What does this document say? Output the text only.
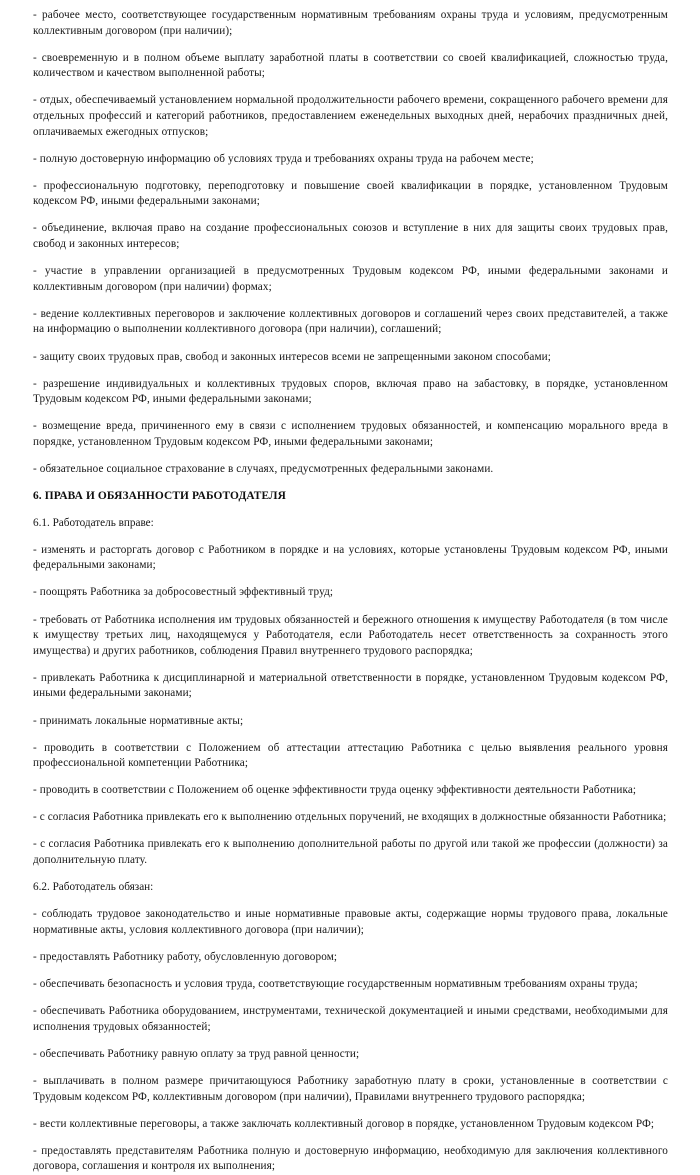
- рабочее место, соответствующее государственным нормативным требованиям охраны труда и условиям, предусмотренным коллективным договором (при наличии);

- своевременную и в полном объеме выплату заработной платы в соответствии со своей квалификацией, сложностью труда, количеством и качеством выполненной работы;

- отдых, обеспечиваемый установлением нормальной продолжительности рабочего времени, сокращенного рабочего времени для отдельных профессий и категорий работников, предоставлением еженедельных выходных дней, нерабочих праздничных дней, оплачиваемых ежегодных отпусков;

- полную достоверную информацию об условиях труда и требованиях охраны труда на рабочем месте;

- профессиональную подготовку, переподготовку и повышение своей квалификации в порядке, установленном Трудовым кодексом РФ, иными федеральными законами;

- объединение, включая право на создание профессиональных союзов и вступление в них для защиты своих трудовых прав, свобод и законных интересов;

- участие в управлении организацией в предусмотренных Трудовым кодексом РФ, иными федеральными законами и коллективным договором (при наличии) формах;

- ведение коллективных переговоров и заключение коллективных договоров и соглашений через своих представителей, а также на информацию о выполнении коллективного договора (при наличии), соглашений;

- защиту своих трудовых прав, свобод и законных интересов всеми не запрещенными законом способами;

- разрешение индивидуальных и коллективных трудовых споров, включая право на забастовку, в порядке, установленном Трудовым кодексом РФ, иными федеральными законами;

- возмещение вреда, причиненного ему в связи с исполнением трудовых обязанностей, и компенсацию морального вреда в порядке, установленном Трудовым кодексом РФ, иными федеральными законами;

- обязательное социальное страхование в случаях, предусмотренных федеральными законами.

6. ПРАВА И ОБЯЗАННОСТИ РАБОТОДАТЕЛЯ

6.1. Работодатель вправе:

- изменять и расторгать договор с Работником в порядке и на условиях, которые установлены Трудовым кодексом РФ, иными федеральными законами;

- поощрять Работника за добросовестный эффективный труд;

- требовать от Работника исполнения им трудовых обязанностей и бережного отношения к имуществу Работодателя (в том числе к имуществу третьих лиц, находящемуся у Работодателя, если Работодатель несет ответственность за сохранность этого имущества) и других работников, соблюдения Правил внутреннего трудового распорядка;

- привлекать Работника к дисциплинарной и материальной ответственности в порядке, установленном Трудовым кодексом РФ, иными федеральными законами;

- принимать локальные нормативные акты;

- проводить в соответствии с Положением об аттестации аттестацию Работника с целью выявления реального уровня профессиональной компетенции Работника;

- проводить в соответствии с Положением об оценке эффективности труда оценку эффективности деятельности Работника;

- с согласия Работника привлекать его к выполнению отдельных поручений, не входящих в должностные обязанности Работника;

- с согласия Работника привлекать его к выполнению дополнительной работы по другой или такой же профессии (должности) за дополнительную плату.

6.2. Работодатель обязан:

- соблюдать трудовое законодательство и иные нормативные правовые акты, содержащие нормы трудового права, локальные нормативные акты, условия коллективного договора (при наличии);

- предоставлять Работнику работу, обусловленную договором;

- обеспечивать безопасность и условия труда, соответствующие государственным нормативным требованиям охраны труда;

- обеспечивать Работника оборудованием, инструментами, технической документацией и иными средствами, необходимыми для исполнения трудовых обязанностей;

- обеспечивать Работнику равную оплату за труд равной ценности;

- выплачивать в полном размере причитающуюся Работнику заработную плату в сроки, установленные в соответствии с Трудовым кодексом РФ, коллективным договором (при наличии), Правилами внутреннего трудового распорядка;

- вести коллективные переговоры, а также заключать коллективный договор в порядке, установленном Трудовым кодексом РФ;

- предоставлять представителям Работника полную и достоверную информацию, необходимую для заключения коллективного договора, соглашения и контроля их выполнения;
